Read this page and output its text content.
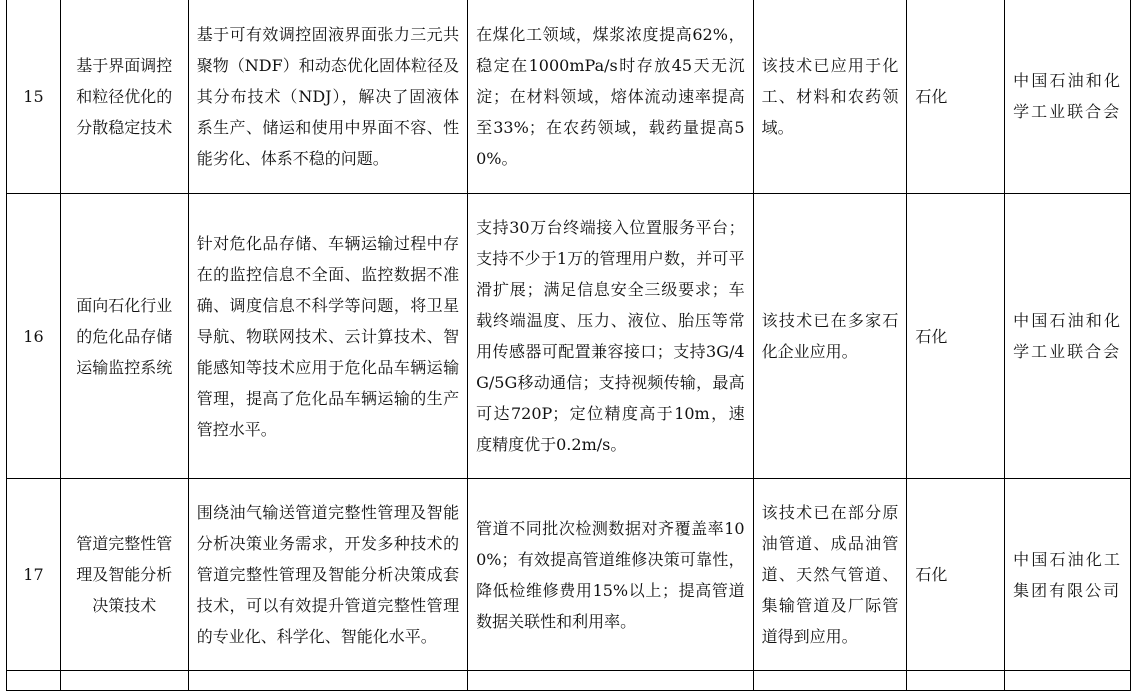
15	基于界面调控和粒径优化的分散稳定技术	基于可有效调控固液界面张力三元共聚物（NDF）和动态优化固体粒径及其分布技术（NDJ），解决了固液体系生产、储运和使用中界面不容、性能劣化、体系不稳的问题。	在煤化工领域，煤浆浓度提高62%，稳定在1000mPa/s时存放45天无沉淀；在材料领域，熔体流动速率提高至33%；在农药领域，载药量提高50%。	该技术已应用于化工、材料和农药领域。	石化	中国石油和化学工业联合会
16	面向石化行业的危化品存储运输监控系统	针对危化品存储、车辆运输过程中存在的监控信息不全面、监控数据不准确、调度信息不科学等问题，将卫星导航、物联网技术、云计算技术、智能感知等技术应用于危化品车辆运输管理，提高了危化品车辆运输的生产管控水平。	支持30万台终端接入位置服务平台；支持不少于1万的管理用户数，并可平滑扩展；满足信息安全三级要求；车载终端温度、压力、液位、胎压等常用传感器可配置兼容接口；支持3G/4G/5G移动通信；支持视频传输，最高可达720P；定位精度高于10m，速度精度优于0.2m/s。	该技术已在多家石化企业应用。	石化	中国石油和化学工业联合会
17	管道完整性管理及智能分析决策技术	围绕油气输送管道完整性管理及智能分析决策业务需求，开发多种技术的管道完整性管理及智能分析决策成套技术，可以有效提升管道完整性管理的专业化、科学化、智能化水平。	管道不同批次检测数据对齐覆盖率100%；有效提高管道维修决策可靠性，降低检维修费用15%以上；提高管道数据关联性和利用率。	该技术已在部分原油管道、成品油管道、天然气管道、集输管道及厂际管道得到应用。	石化	中国石油化工集团有限公司
